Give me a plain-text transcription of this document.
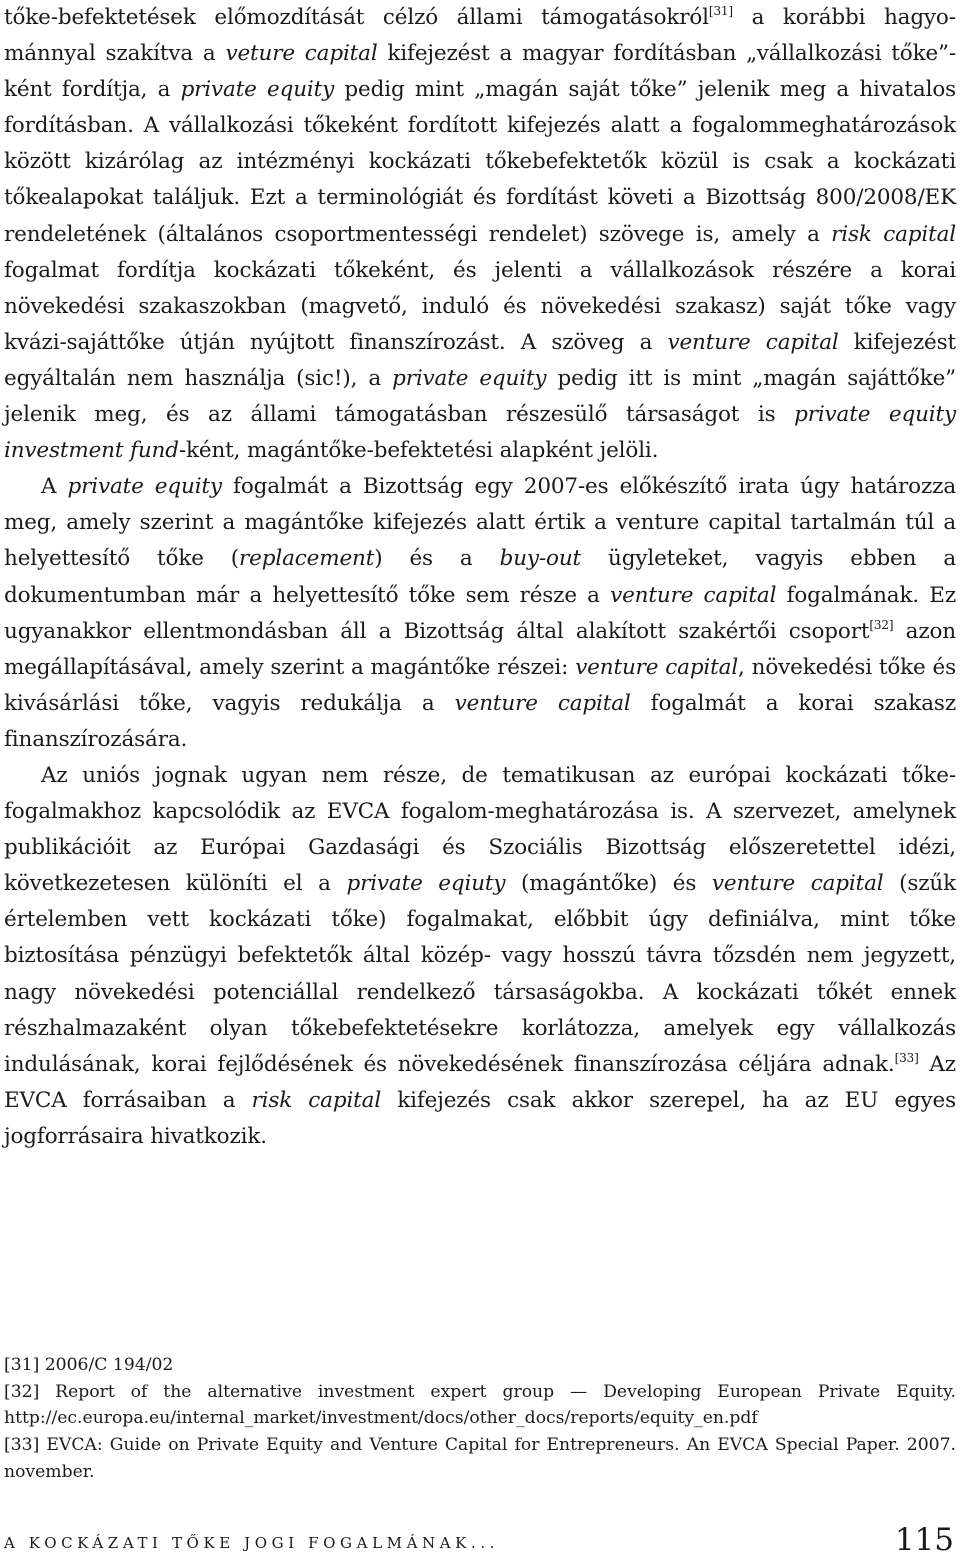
tőke-befektetések előmozdítását célzó állami támogatásokról[31] a korábbi hagyománnyal szakítva a veture capital kifejezést a magyar fordításban „vállalkozási tőke”-ként fordítja, a private equity pedig mint „magán saját tőke” jelenik meg a hivatalos fordításban. A vállalkozási tőkeként fordított kifejezés alatt a fogalommeghatározások között kizárólag az intézményi kockázati tőkebefektetők közül is csak a kockázati tőkealapokat találjuk. Ezt a terminológiát és fordítást követi a Bizottság 800/2008/EK rendeletének (általános csoportmentességi rendelet) szövege is, amely a risk capital fogalmat fordítja kockázati tőkeként, és jelenti a vállalkozások részére a korai növekedési szakaszokban (magvető, induló és növekedési szakasz) saját tőke vagy kvázi-sajáttőke útján nyújtott finanszírozást. A szöveg a venture capital kifejezést egyáltalán nem használja (sic!), a private equity pedig itt is mint „magán sajáttőke” jelenik meg, és az állami támogatásban részesülő társaságot is private equity investment fund-ként, magántőke-befektetési alapként jelöli.

A private equity fogalmát a Bizottság egy 2007-es előkészítő irata úgy határozza meg, amely szerint a magántőke kifejezés alatt értik a venture capital tartalmán túl a helyettesítő tőke (replacement) és a buy-out ügyleteket, vagyis ebben a dokumentumban már a helyettesítő tőke sem része a venture capital fogalmának. Ez ugyanakkor ellentmondásban áll a Bizottság által alakított szakértői csoport[32] azon megállapításával, amely szerint a magántőke részei: venture capital, növekedési tőke és kivásárlási tőke, vagyis redukálja a venture capital fogalmát a korai szakasz finanszírozására.

Az uniós jognak ugyan nem része, de tematikusan az európai kockázati tőke-fogalmakhoz kapcsolódik az EVCA fogalom-meghatározása is. A szervezet, amelynek publikációit az Európai Gazdasági és Szociális Bizottság előszeretettel idézi, következetesen különíti el a private eqiuty (magántőke) és venture capital (szűk értelemben vett kockázati tőke) fogalmakat, előbbit úgy definiálva, mint tőke biztosítása pénzügyi befektetők által közép- vagy hosszú távra tőzsdén nem jegyzett, nagy növekedési potenciállal rendelkező társaságokba. A kockázati tőkét ennek részhalmazaként olyan tőkebefektetésekre korlátozza, amelyek egy vállalkozás indulásának, korai fejlődésének és növekedésének finanszírozása céljára adnak.[33] Az EVCA forrásaiban a risk capital kifejezés csak akkor szerepel, ha az EU egyes jogforrásaira hivatkozik.

[31] 2006/C 194/02

[32] Report of the alternative investment expert group — Developing European Private Equity. http://ec.europa.eu/internal_market/investment/docs/other_docs/reports/equity_en.pdf

[33] EVCA: Guide on Private Equity and Venture Capital for Entrepreneurs. An EVCA Special Paper. 2007. november.

A KOCKÁZATI TŐKE JOGI FOGALMÁNAK...	115
